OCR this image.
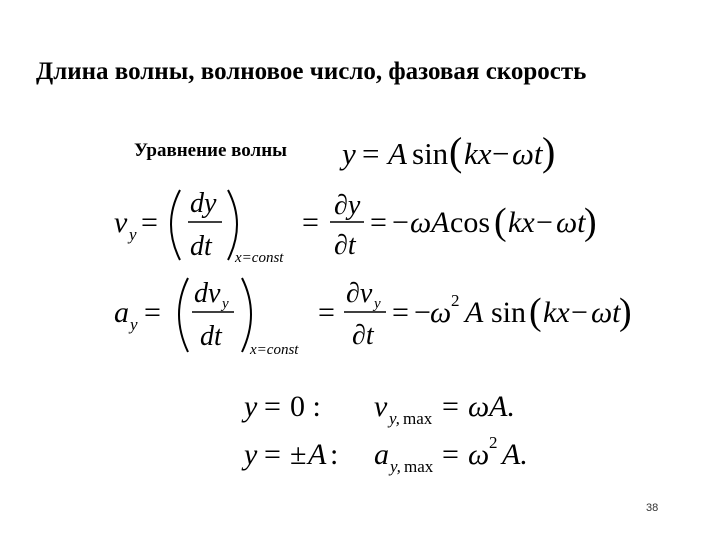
Длина волны, волновое число, фазовая скорость
Уравнение волны y = A sin ( kx − ωt )
v y =
dy
dt x=const
=
∂y
∂t
= − ωA cos ( kx − ωt
)
a y =
dv y
dt x=const
=
∂v y
∂t
= − ω 2 A sin ( kx − ωt
)
y = 0 : v y, max = ωA.
y = ± A : a y, max = ω 2 A.
38
